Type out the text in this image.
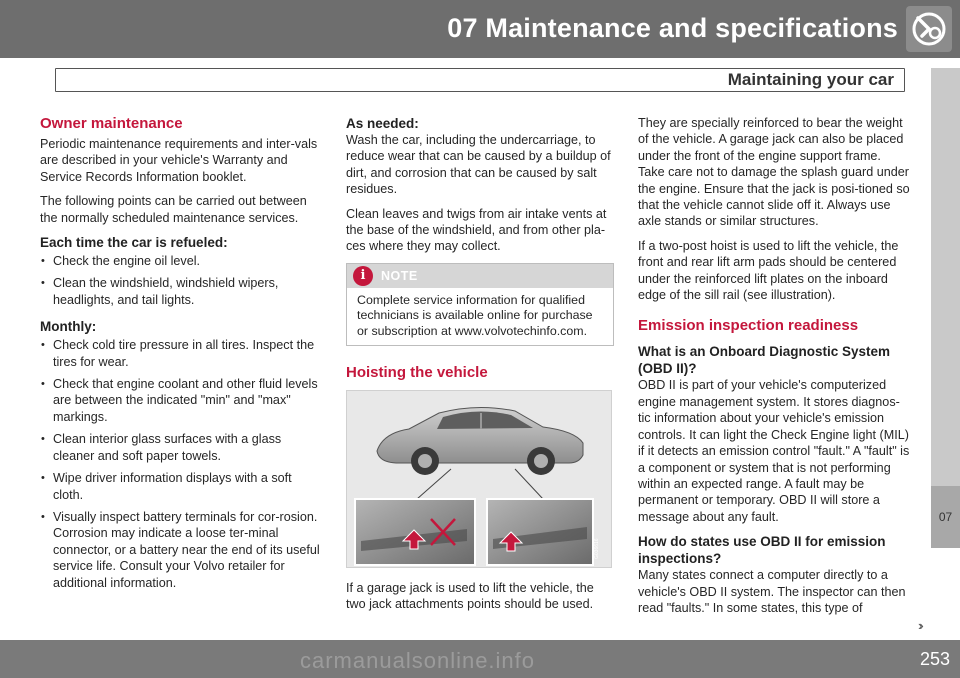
07 Maintenance and specifications
Maintaining your car
07
Owner maintenance

Periodic maintenance requirements and inter-vals are described in your vehicle's Warranty and Service Records Information booklet.

The following points can be carried out between the normally scheduled maintenance services.

Each time the car is refueled:
• Check the engine oil level.
• Clean the windshield, windshield wipers, headlights, and tail lights.
Monthly:
• Check cold tire pressure in all tires. Inspect the tires for wear.
• Check that engine coolant and other fluid levels are between the indicated "min" and "max" markings.
• Clean interior glass surfaces with a glass cleaner and soft paper towels.
• Wipe driver information displays with a soft cloth.
• Visually inspect battery terminals for cor-rosion. Corrosion may indicate a loose ter-minal connector, or a battery near the end of its useful service life. Consult your Volvo retailer for additional information.
As needed:

Wash the car, including the undercarriage, to reduce wear that can be caused by a buildup of dirt, and corrosion that can be caused by salt residues.

Clean leaves and twigs from air intake vents at the base of the windshield, and from other pla-ces where they may collect.

NOTE
i
Complete service information for qualified technicians is available online for purchase or subscription at www.volvotechinfo.com.
Hoisting the vehicle
G036616

If a garage jack is used to lift the vehicle, the two jack attachments points should be used.

They are specially reinforced to bear the weight of the vehicle. A garage jack can also be placed under the front of the engine support frame. Take care not to damage the splash guard under the engine. Ensure that the jack is posi-tioned so that the vehicle cannot slide off it. Always use axle stands or similar structures.

If a two-post hoist is used to lift the vehicle, the front and rear lift arm pads should be centered under the reinforced lift plates on the inboard edge of the sill rail (see illustration).

Emission inspection readiness
What is an Onboard Diagnostic System (OBD II)?

OBD II is part of your vehicle's computerized engine management system. It stores diagnos-tic information about your vehicle's emission controls. It can light the Check Engine light (MIL) if it detects an emission control "fault." A "fault" is a component or system that is not performing within an expected range. A fault may be permanent or temporary. OBD II will store a message about any fault.

How do states use OBD II for emission inspections?

Many states connect a computer directly to a vehicle's OBD II system. The inspector can then read "faults." In some states, this type of

››
carmanualsonline.info	253
